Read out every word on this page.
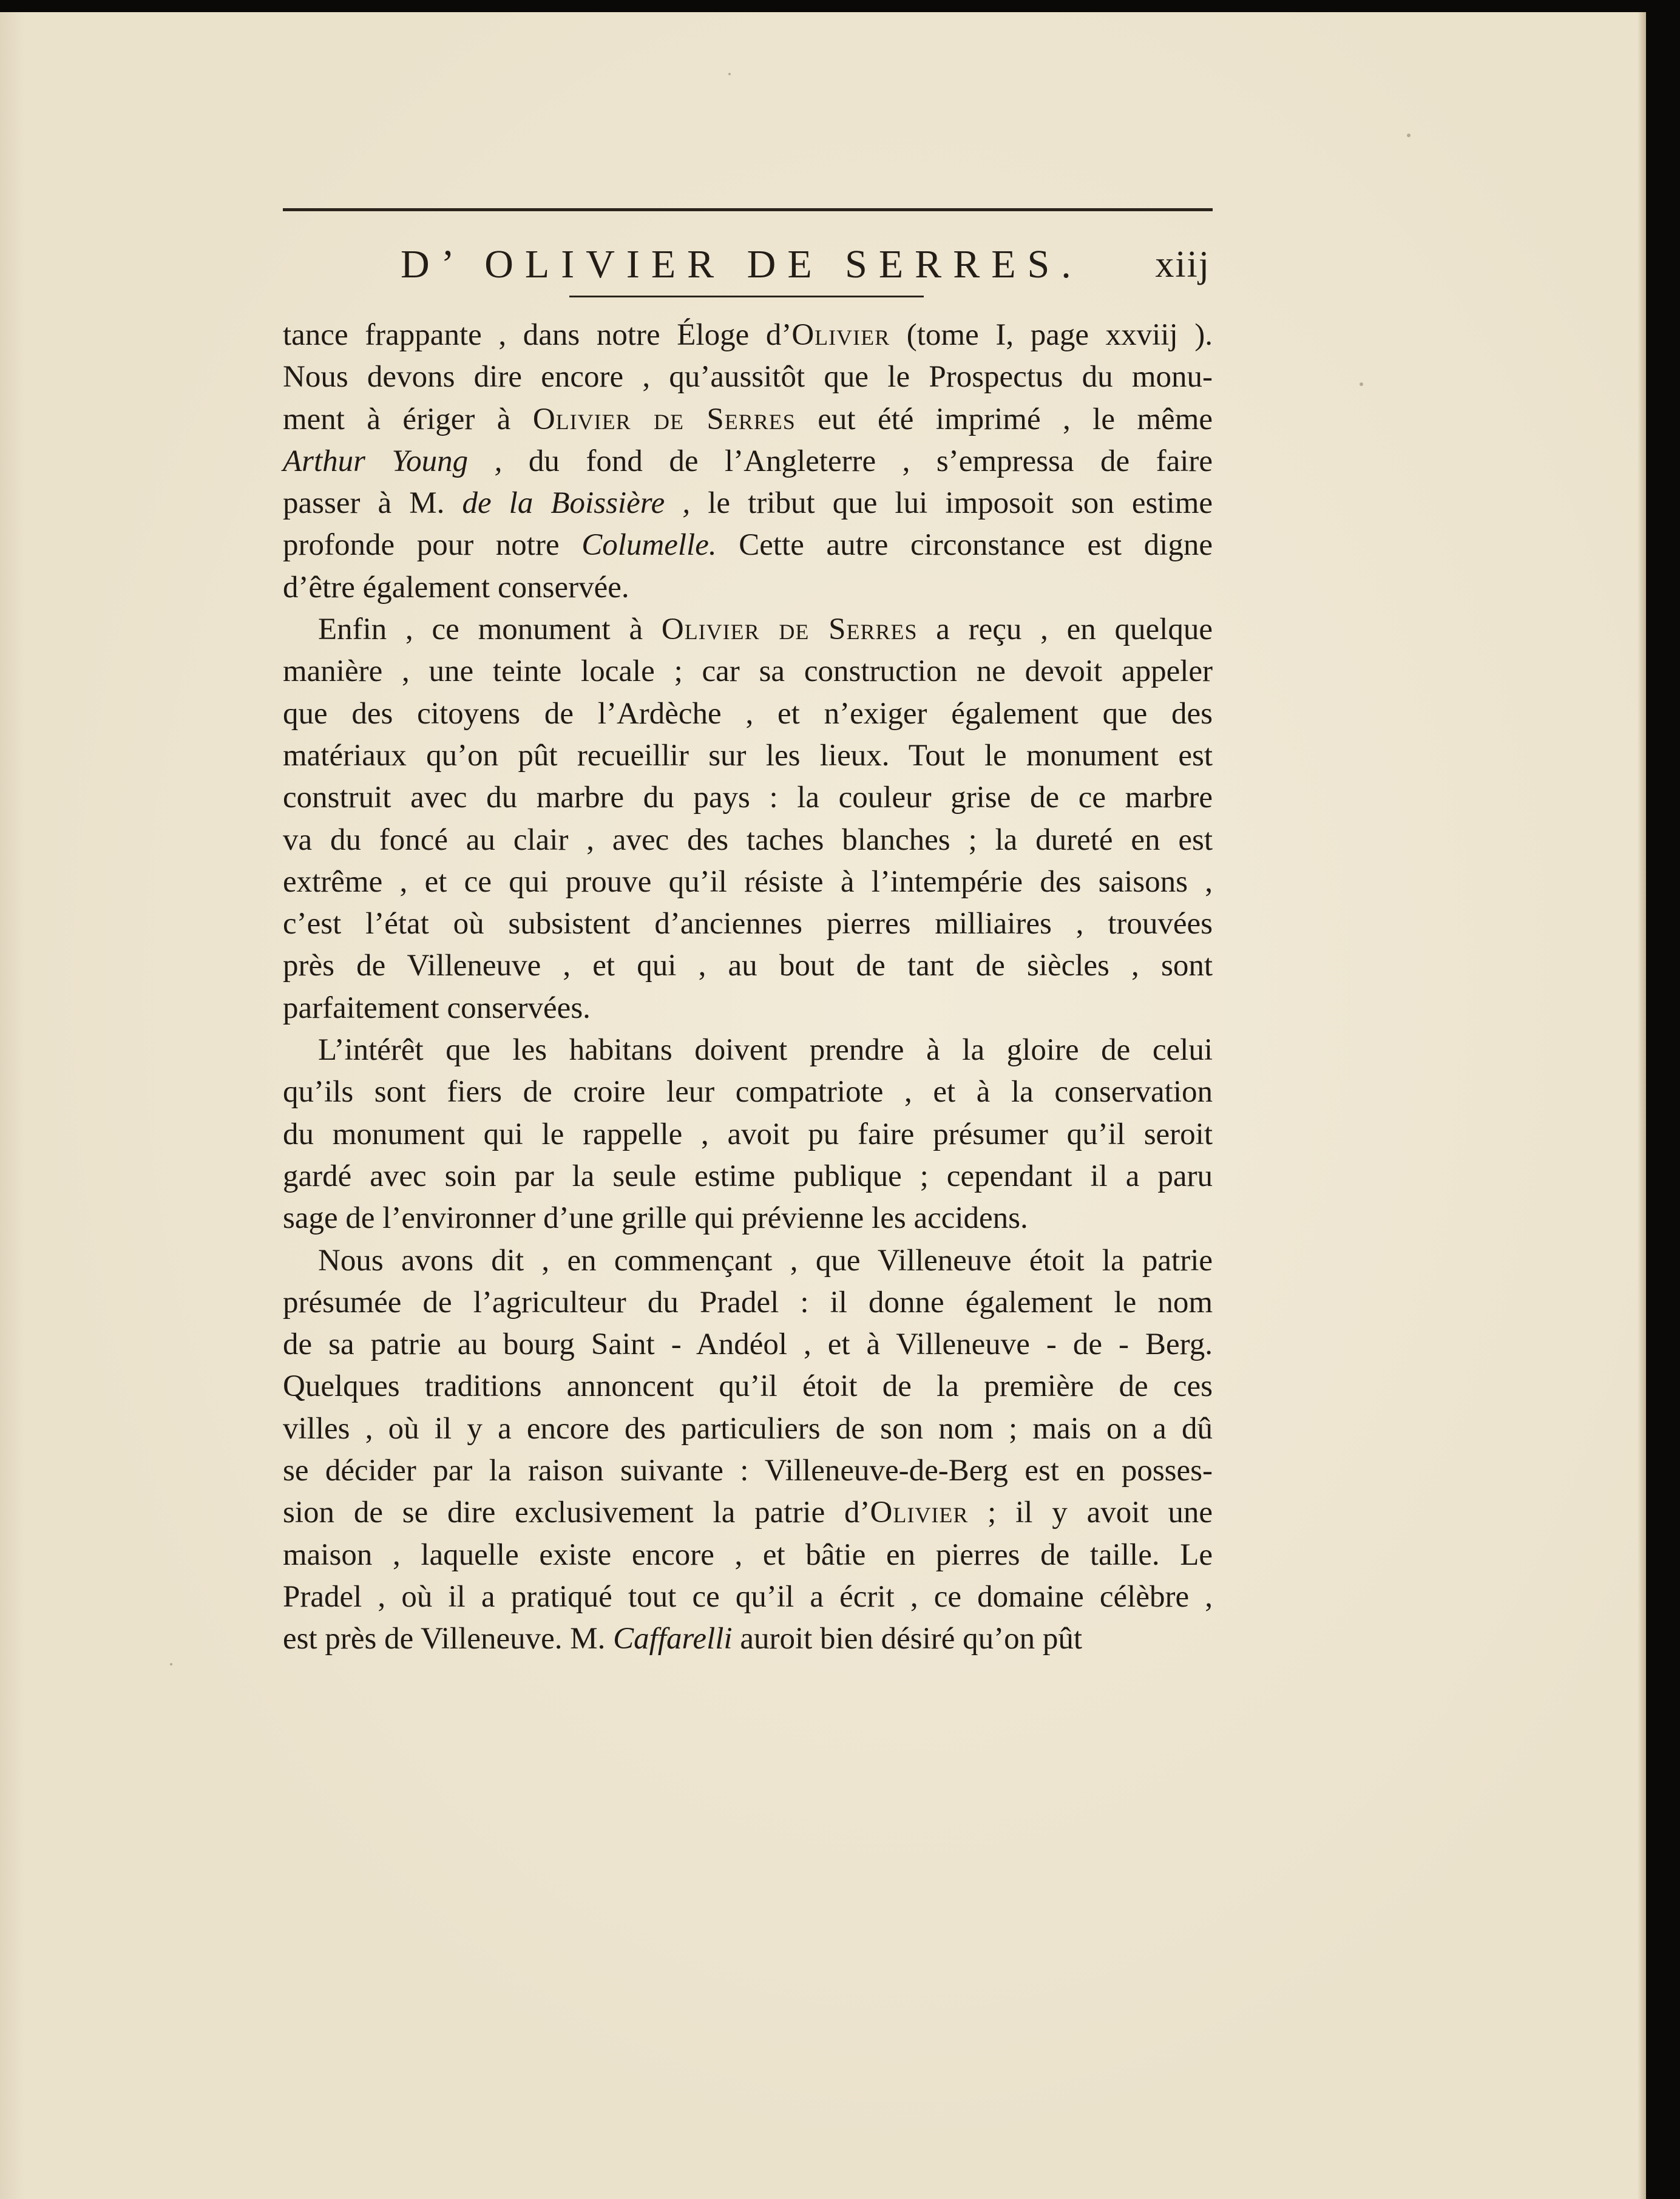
D’ OLIVIER DE SERRES. xiij
tance frappante , dans notre Éloge d’Olivier (tome I, page xxviij ).
Nous devons dire encore , qu’aussitôt que le Prospectus du monu-
ment à ériger à Olivier de Serres eut été imprimé , le même
Arthur Young , du fond de l’Angleterre , s’empressa de faire
passer à M. de la Boissière , le tribut que lui imposoit son estime
profonde pour notre Columelle. Cette autre circonstance est digne
d’être également conservée.
Enfin , ce monument à Olivier de Serres a reçu , en quelque
manière , une teinte locale ; car sa construction ne devoit appeler
que des citoyens de l’Ardèche , et n’exiger également que des
matériaux qu’on pût recueillir sur les lieux. Tout le monument est
construit avec du marbre du pays : la couleur grise de ce marbre
va du foncé au clair , avec des taches blanches ; la dureté en est
extrême , et ce qui prouve qu’il résiste à l’intempérie des saisons ,
c’est l’état où subsistent d’anciennes pierres milliaires , trouvées
près de Villeneuve , et qui , au bout de tant de siècles , sont
parfaitement conservées.
L’intérêt que les habitans doivent prendre à la gloire de celui
qu’ils sont fiers de croire leur compatriote , et à la conservation
du monument qui le rappelle , avoit pu faire présumer qu’il seroit
gardé avec soin par la seule estime publique ; cependant il a paru
sage de l’environner d’une grille qui prévienne les accidens.
Nous avons dit , en commençant , que Villeneuve étoit la patrie
présumée de l’agriculteur du Pradel : il donne également le nom
de sa patrie au bourg Saint - Andéol , et à Villeneuve - de - Berg.
Quelques traditions annoncent qu’il étoit de la première de ces
villes , où il y a encore des particuliers de son nom ; mais on a dû
se décider par la raison suivante : Villeneuve-de-Berg est en posses-
sion de se dire exclusivement la patrie d’Olivier ; il y avoit une
maison , laquelle existe encore , et bâtie en pierres de taille. Le
Pradel , où il a pratiqué tout ce qu’il a écrit , ce domaine célèbre ,
est près de Villeneuve. M. Caffarelli auroit bien désiré qu’on pût
